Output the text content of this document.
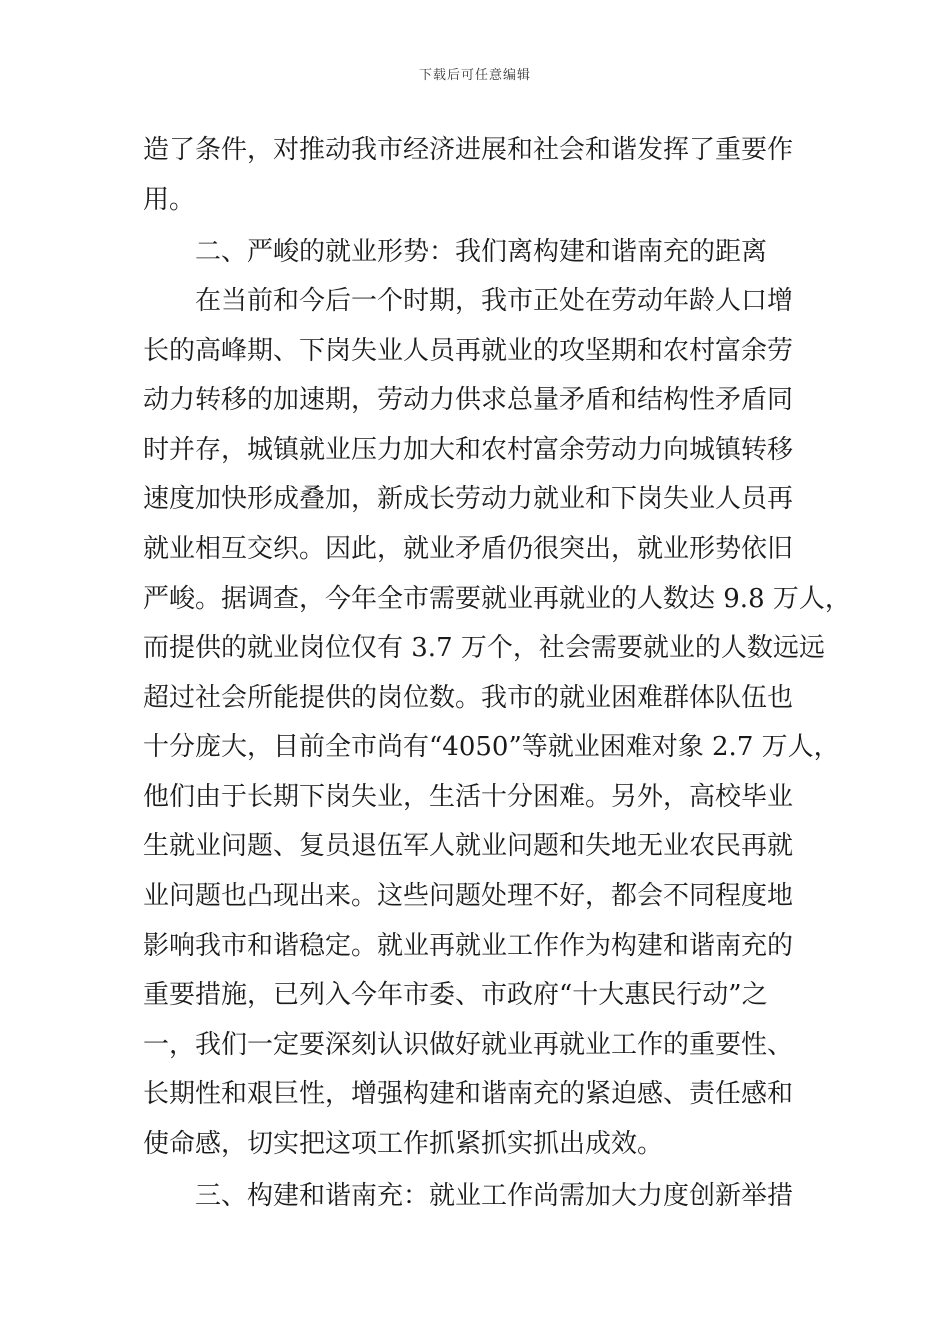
下载后可任意编辑
造了条件，对推动我市经济进展和社会和谐发挥了重要作
用。
二、严峻的就业形势：我们离构建和谐南充的距离
在当前和今后一个时期，我市正处在劳动年龄人口增
长的高峰期、下岗失业人员再就业的攻坚期和农村富余劳
动力转移的加速期，劳动力供求总量矛盾和结构性矛盾同
时并存，城镇就业压力加大和农村富余劳动力向城镇转移
速度加快形成叠加，新成长劳动力就业和下岗失业人员再
就业相互交织。因此，就业矛盾仍很突出，就业形势依旧
严峻。据调查，今年全市需要就业再就业的人数达 9.8 万人，
而提供的就业岗位仅有 3.7 万个，社会需要就业的人数远远
超过社会所能提供的岗位数。我市的就业困难群体队伍也
十分庞大，目前全市尚有“4050”等就业困难对象 2.7 万人，
他们由于长期下岗失业，生活十分困难。另外，高校毕业
生就业问题、复员退伍军人就业问题和失地无业农民再就
业问题也凸现出来。这些问题处理不好，都会不同程度地
影响我市和谐稳定。就业再就业工作作为构建和谐南充的
重要措施，已列入今年市委、市政府“十大惠民行动”之
一，我们一定要深刻认识做好就业再就业工作的重要性、
长期性和艰巨性，增强构建和谐南充的紧迫感、责任感和
使命感，切实把这项工作抓紧抓实抓出成效。
三、构建和谐南充：就业工作尚需加大力度创新举措
